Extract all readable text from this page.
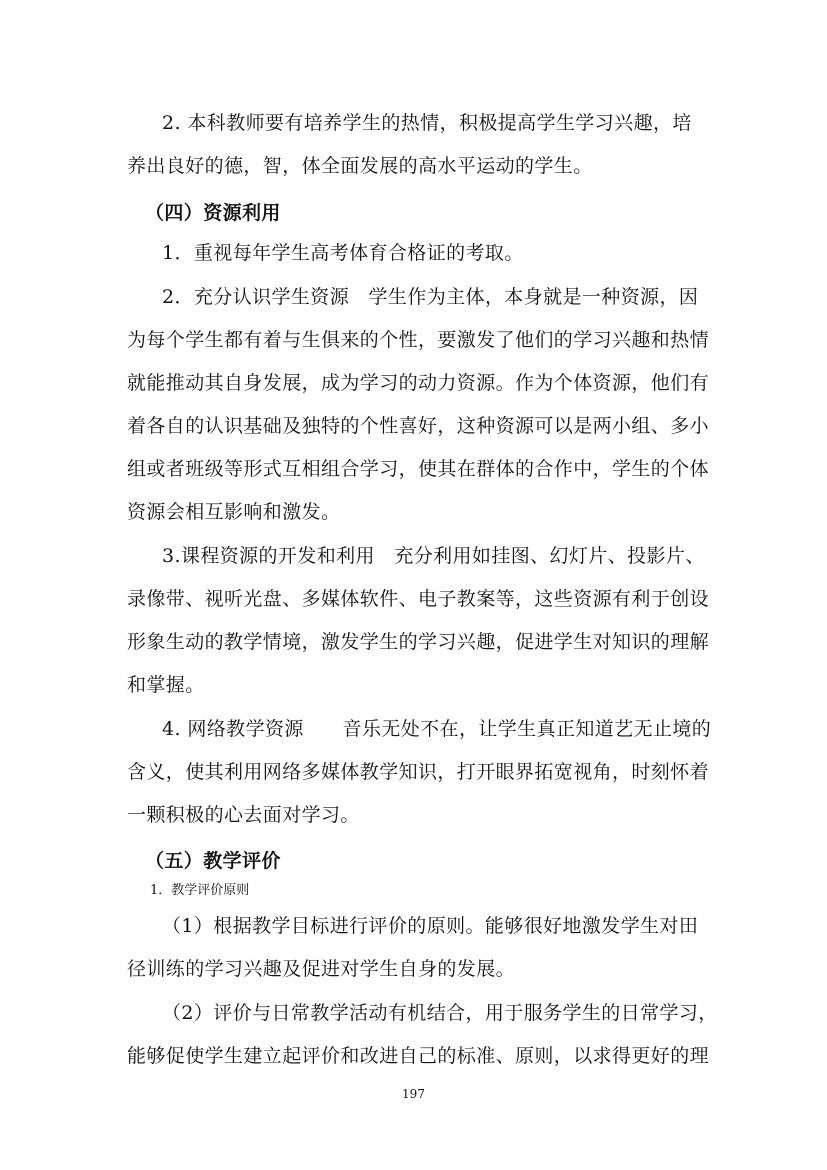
2. 本科教师要有培养学生的热情，积极提高学生学习兴趣，培
养出良好的德，智，体全面发展的高水平运动的学生。
（四）资源利用
1．重视每年学生高考体育合格证的考取。
2．充分认识学生资源　学生作为主体，本身就是一种资源，因
为每个学生都有着与生俱来的个性，要激发了他们的学习兴趣和热情
就能推动其自身发展，成为学习的动力资源。作为个体资源，他们有
着各自的认识基础及独特的个性喜好，这种资源可以是两小组、多小
组或者班级等形式互相组合学习，使其在群体的合作中，学生的个体
资源会相互影响和激发。
3.课程资源的开发和利用　充分利用如挂图、幻灯片、投影片、
录像带、视听光盘、多媒体软件、电子教案等，这些资源有利于创设
形象生动的教学情境，激发学生的学习兴趣，促进学生对知识的理解
和掌握。
4. 网络教学资源　　音乐无处不在，让学生真正知道艺无止境的
含义，使其利用网络多媒体教学知识，打开眼界拓宽视角，时刻怀着
一颗积极的心去面对学习。
（五）教学评价
1．教学评价原则
（1）根据教学目标进行评价的原则。能够很好地激发学生对田
径训练的学习兴趣及促进对学生自身的发展。
（2）评价与日常教学活动有机结合，用于服务学生的日常学习，
能够促使学生建立起评价和改进自己的标准、原则，以求得更好的理
197
